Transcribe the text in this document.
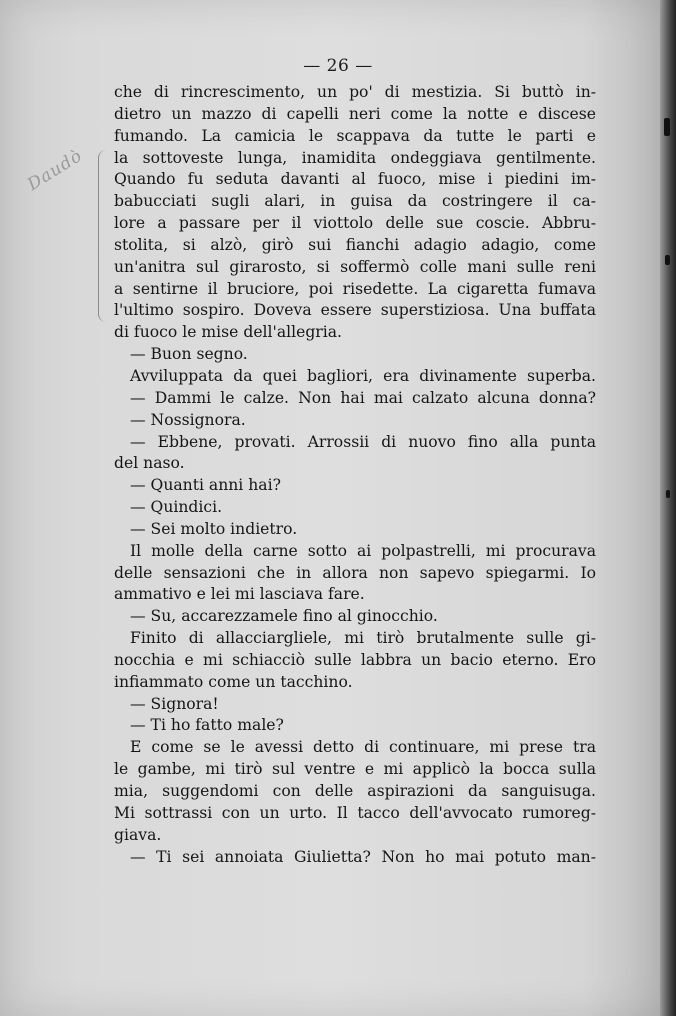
— 26 —
Daudò
che di rincrescimento, un po' di mestizia. Si buttò in-
dietro un mazzo di capelli neri come la notte e discese
fumando. La camicia le scappava da tutte le parti e
la sottoveste lunga, inamidita ondeggiava gentilmente.
Quando fu seduta davanti al fuoco, mise i piedini im-
babucciati sugli alari, in guisa da costringere il ca-
lore a passare per il viottolo delle sue coscie. Abbru-
stolita, si alzò, girò sui fianchi adagio adagio, come
un'anitra sul girarosto, si soffermò colle mani sulle reni
a sentirne il bruciore, poi risedette. La cigaretta fumava
l'ultimo sospiro. Doveva essere superstiziosa. Una buffata
di fuoco le mise dell'allegria.
— Buon segno.
Avviluppata da quei bagliori, era divinamente superba.
— Dammi le calze. Non hai mai calzato alcuna donna?
— Nossignora.
— Ebbene, provati. Arrossii di nuovo fino alla punta
del naso.
— Quanti anni hai?
— Quindici.
— Sei molto indietro.
Il molle della carne sotto ai polpastrelli, mi procurava
delle sensazioni che in allora non sapevo spiegarmi. Io
ammativo e lei mi lasciava fare.
— Su, accarezzamele fino al ginocchio.
Finito di allacciargliele, mi tirò brutalmente sulle gi-
nocchia e mi schiacciò sulle labbra un bacio eterno. Ero
infiammato come un tacchino.
— Signora!
— Ti ho fatto male?
E come se le avessi detto di continuare, mi prese tra
le gambe, mi tirò sul ventre e mi applicò la bocca sulla
mia, suggendomi con delle aspirazioni da sanguisuga.
Mi sottrassi con un urto. Il tacco dell'avvocato rumoreg-
giava.
— Ti sei annoiata Giulietta? Non ho mai potuto man-
